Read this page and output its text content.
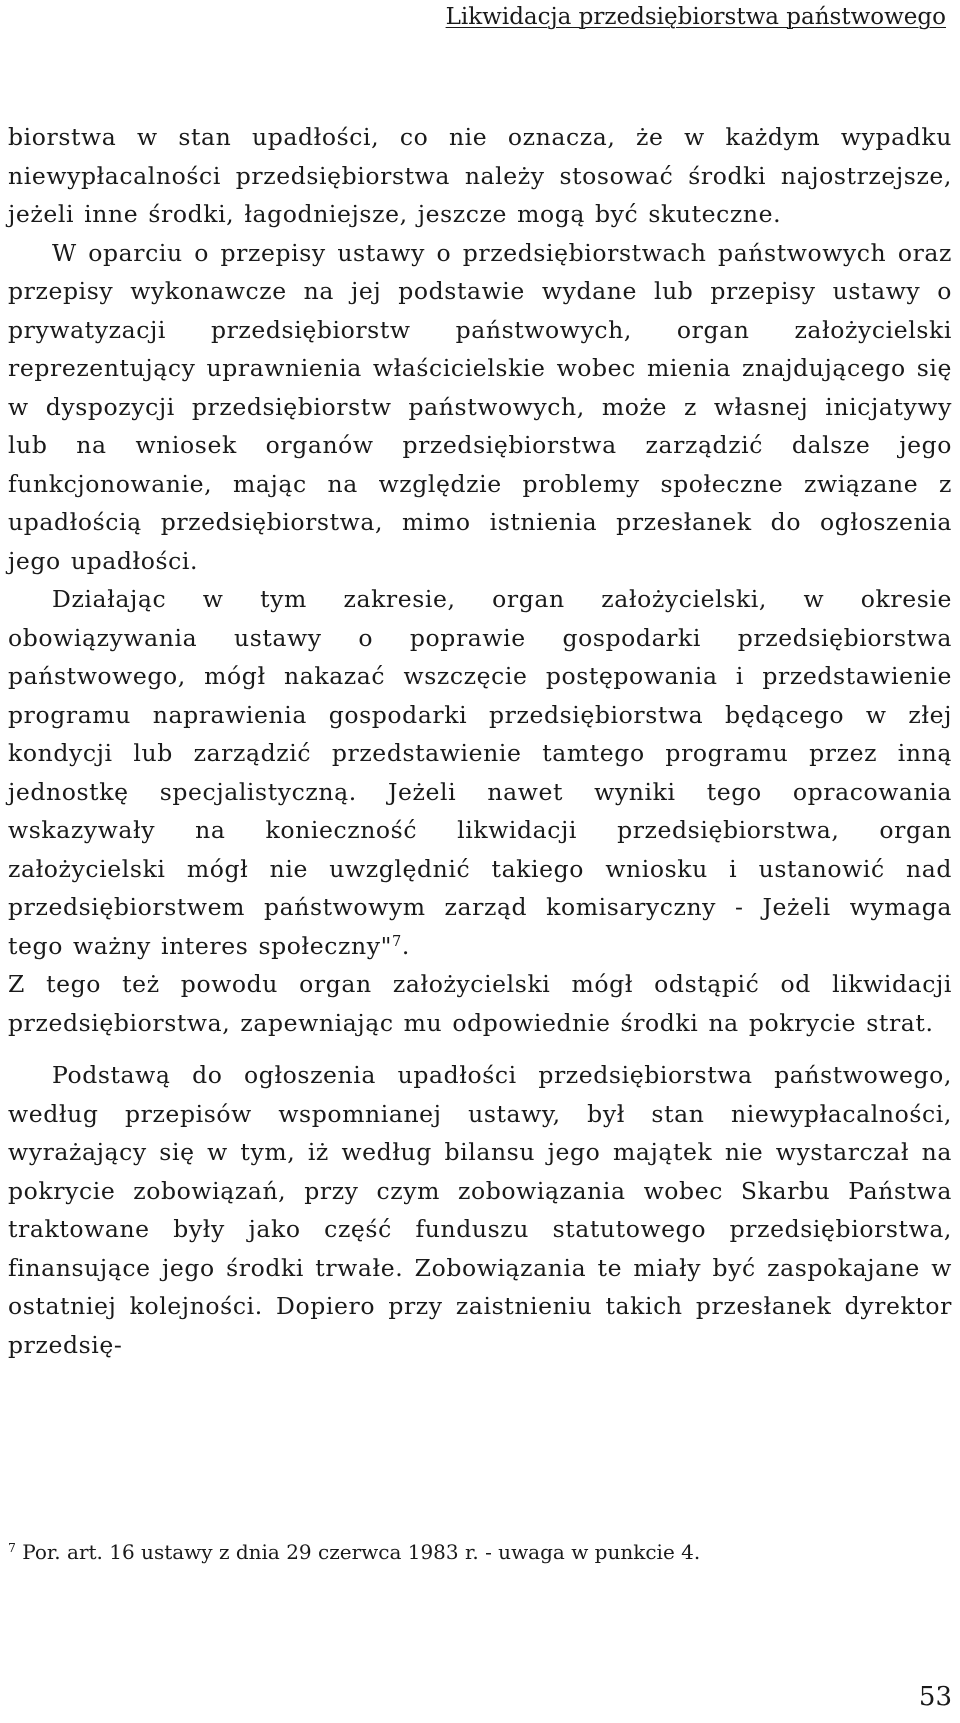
Likwidacja przedsiębiorstwa państwowego

biorstwa w stan upadłości, co nie oznacza, że w każdym wypadku niewypłacalności przedsiębiorstwa należy stosować środki najostrzejsze, jeżeli inne środki, łagodniejsze, jeszcze mogą być skuteczne.

W oparciu o przepisy ustawy o przedsiębiorstwach państwowych oraz przepisy wykonawcze na jej podstawie wydane lub przepisy ustawy o prywatyzacji przedsiębiorstw państwowych, organ założycielski reprezentujący uprawnienia właścicielskie wobec mienia znajdującego się w dyspozycji przedsiębiorstw państwowych, może z własnej inicjatywy lub na wniosek organów przedsiębiorstwa zarządzić dalsze jego funkcjonowanie, mając na względzie problemy społeczne związane z upadłością przedsiębiorstwa, mimo istnienia przesłanek do ogłoszenia jego upadłości.

Działając w tym zakresie, organ założycielski, w okresie obowiązywania ustawy o poprawie gospodarki przedsiębiorstwa państwowego, mógł nakazać wszczęcie postępowania i przedstawienie programu naprawienia gospodarki przedsiębiorstwa będącego w złej kondycji lub zarządzić przedstawienie tamtego programu przez inną jednostkę specjalistyczną. Jeżeli nawet wyniki tego opracowania wskazywały na konieczność likwidacji przedsiębiorstwa, organ założycielski mógł nie uwzględnić takiego wniosku i ustanowić nad przedsiębiorstwem państwowym zarząd komisaryczny - Jeżeli wymaga tego ważny interes społeczny"$^7$.

Z tego też powodu organ założycielski mógł odstąpić od likwidacji przedsiębiorstwa, zapewniając mu odpowiednie środki na pokrycie strat.

Podstawą do ogłoszenia upadłości przedsiębiorstwa państwowego, według przepisów wspomnianej ustawy, był stan niewypłacalności, wyrażający się w tym, iż według bilansu jego majątek nie wystarczał na pokrycie zobowiązań, przy czym zobowiązania wobec Skarbu Państwa traktowane były jako część funduszu statutowego przedsiębiorstwa, finansujące jego środki trwałe. Zobowiązania te miały być zaspokajane w ostatniej kolejności. Dopiero przy zaistnieniu takich przesłanek dyrektor przedsię-

$^7$ Por. art. 16 ustawy z dnia 29 czerwca 1983 r. - uwaga w punkcie 4.
53
